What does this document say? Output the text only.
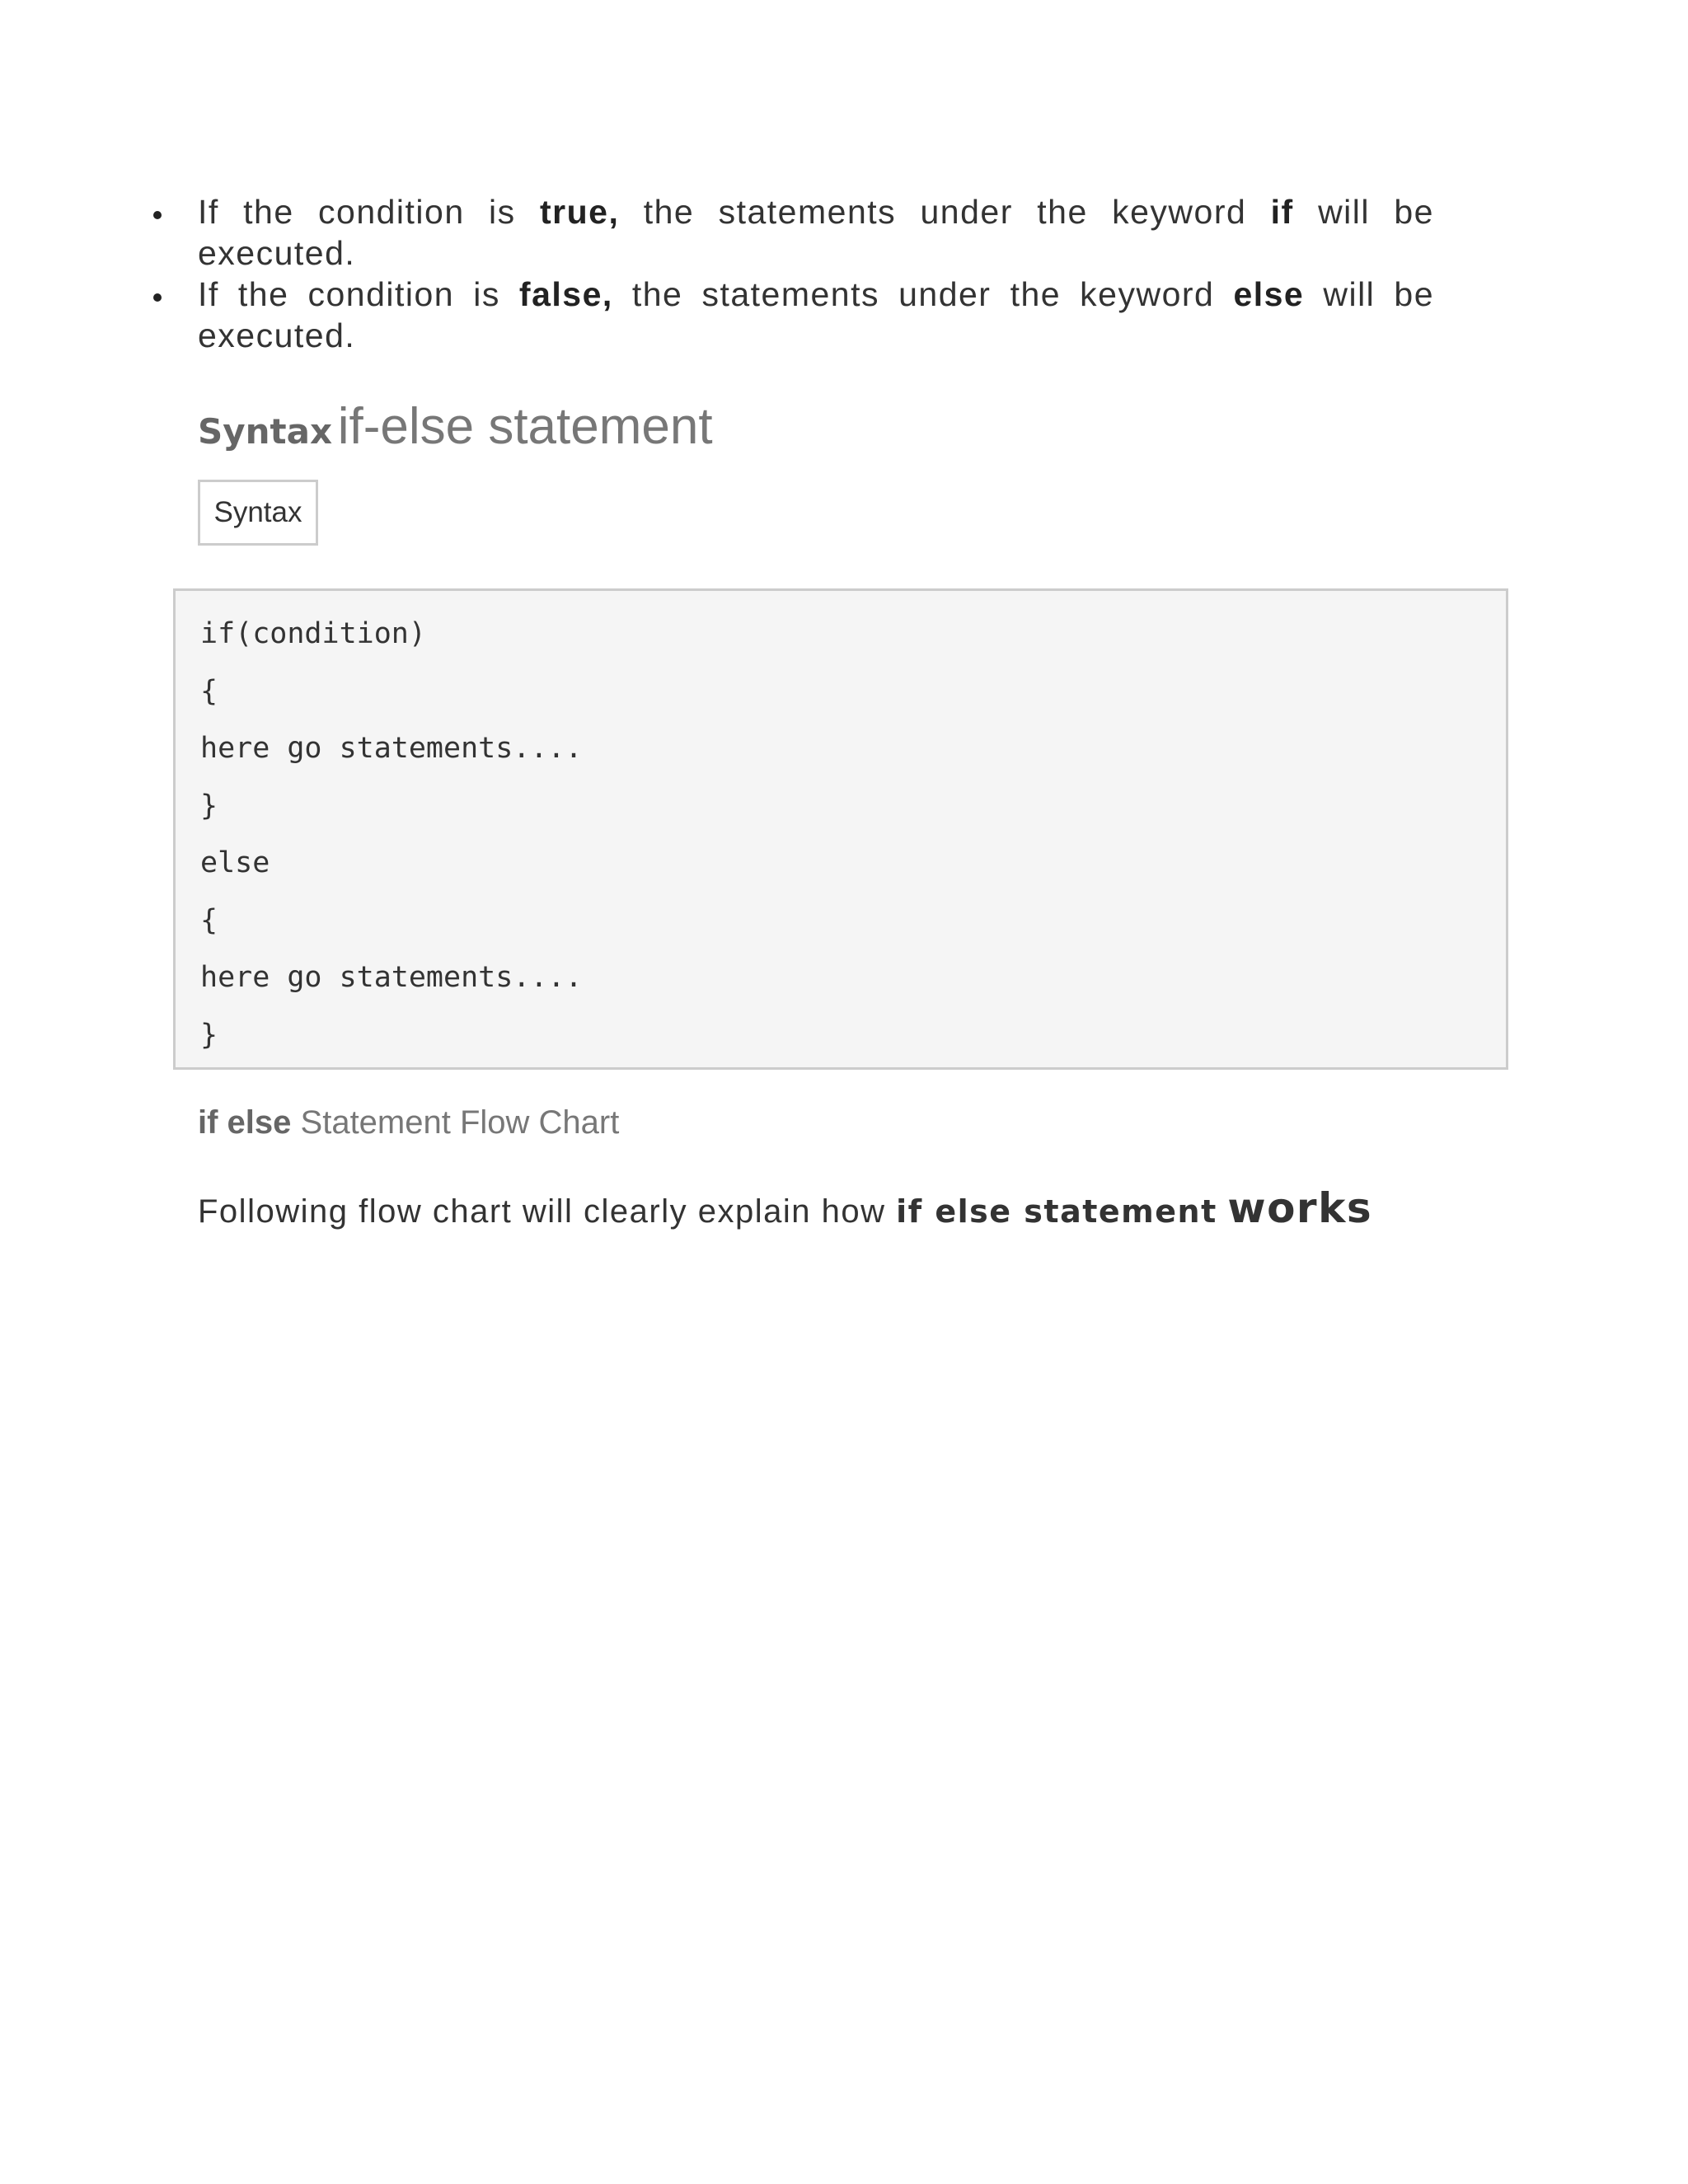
If the condition is true, the statements under the keyword if will be executed.
If the condition is false, the statements under the keyword else will be executed.
Syntax if-else statement
Syntax
if(condition)
{
here go statements....
}
else
{
here go statements....
}
if else Statement Flow Chart
Following flow chart will clearly explain how if else statement works
